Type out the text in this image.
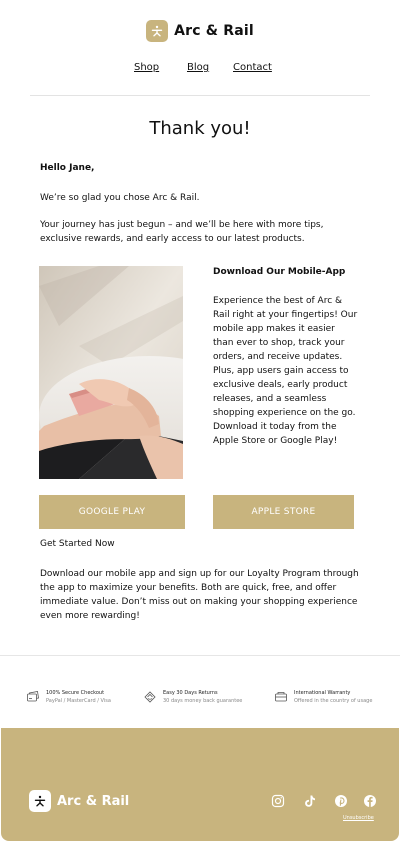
Arc & Rail
Shop	Blog Contact
Thank you!
Hello Jane,
We’re so glad you chose Arc & Rail.
Your journey has just begun – and we’ll be here with more tips, exclusive rewards, and early access to our latest products.
Download Our Mobile-App
Experience the best of Arc & Rail right at your fingertips! Our mobile app makes it easier than ever to shop, track your orders, and receive updates. Plus, app users gain access to exclusive deals, early product releases, and a seamless shopping experience on the go. Download it today from the Apple Store or Google Play!
GOOGLE PLAY	APPLE STORE
Get Started Now
Download our mobile app and sign up for our Loyalty Program through the app to maximize your benefits. Both are quick, free, and offer immediate value. Don’t miss out on making your shopping experience even more rewarding!
100% Secure Checkout
PayPal / MasterCard / Visa
Easy 30 Days Returns
30 days money back guarantee
International Warranty
Offered in the country of usage
Arc & Rail
Unsubscribe
